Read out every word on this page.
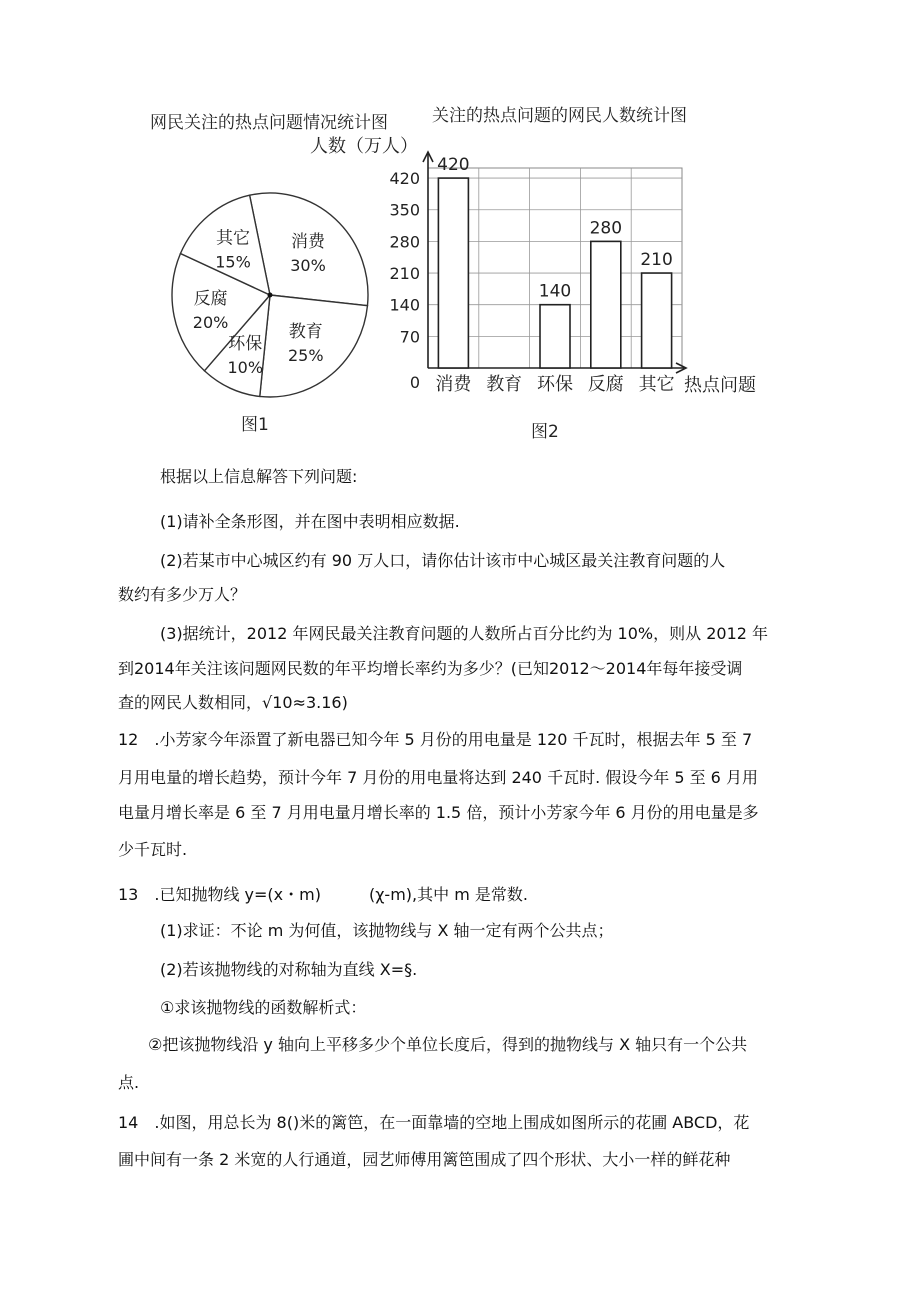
网民关注的热点问题情况统计图
消费
30%
教育
25%
环保
10%
反腐
20%
其它
15%
图1
关注的热点问题的网民人数统计图
人数（万人）
0
70
140
210
280
350
420
420
消费 教育
140
环保
280
反腐
210
其它 热点问题
图2
根据以上信息解答下列问题:
(1)请补全条形图，并在图中表明相应数据.
(2)若某市中心城区约有 90 万人口，请你估计该市中心城区最关注教育问题的人
数约有多少万人？
(3)据统计，2012 年网民最关注教育问题的人数所占百分比约为 10%，则从 2012 年
到2014年关注该问题网民数的年平均增长率约为多少？(已知2012～2014年每年接受调
查的网民人数相同，√10≈3.16)
12　.小芳家今年添置了新电器已知今年 5 月份的用电量是 120 千瓦时，根据去年 5 至 7
月用电量的增长趋势，预计今年 7 月份的用电量将达到 240 千瓦时. 假设今年 5 至 6 月用
电量月增长率是 6 至 7 月用电量月增长率的 1.5 倍，预计小芳家今年 6 月份的用电量是多
少千瓦时.
13　.已知抛物线 y=(x・m)　　　(χ-m),其中 m 是常数.
(1)求证：不论 m 为何值，该抛物线与 X 轴一定有两个公共点；
(2)若该抛物线的对称轴为直线 X=§.
①求该抛物线的函数解析式：
②把该抛物线沿 y 轴向上平移多少个单位长度后，得到的抛物线与 X 轴只有一个公共
点.
14　.如图，用总长为 8()米的篱笆，在一面靠墙的空地上围成如图所示的花圃 ABCD，花
圃中间有一条 2 米宽的人行通道，园艺师傅用篱笆围成了四个形状、大小一样的鲜花种
